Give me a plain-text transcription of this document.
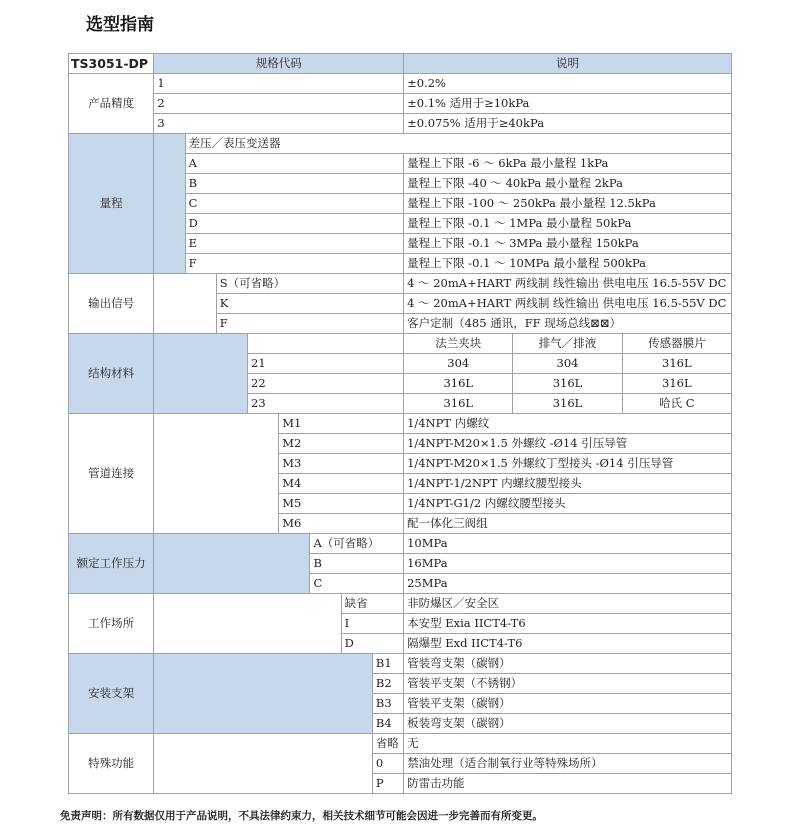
选型指南
TS3051-DP	规格代码								说明		
产品精度	1								±0.2%		
	2								±0.1% 适用于≥10kPa		
	3								±0.075% 适用于≥40kPa		
量程		差压／表压变送器									
		A							量程上下限 -6 ～ 6kPa 最小量程 1kPa		
		B							量程上下限 -40 ～ 40kPa 最小量程 2kPa		
		C							量程上下限 -100 ～ 250kPa 最小量程 12.5kPa		
		D							量程上下限 -0.1 ～ 1MPa 最小量程 50kPa		
		E							量程上下限 -0.1 ～ 3MPa 最小量程 150kPa		
		F							量程上下限 -0.1 ～ 10MPa 最小量程 500kPa		
输出信号			S（可省略）						4 ～ 20mA+HART 两线制 线性输出 供电电压 16.5-55V DC		
			K						4 ～ 20mA+HART 两线制 线性输出 供电电压 16.5-55V DC		
			F						客户定制（485 通讯，FF 现场总线⊠⊠）		
结构材料									法兰夹块	排气／排液	传感器膜片
				21					304	304	316L
				22					316L	316L	316L
				23					316L	316L	哈氏 C
管道连接					M1				1/4NPT 内螺纹		
					M2				1/4NPT-M20×1.5 外螺纹 -Ø14 引压导管		
					M3				1/4NPT-M20×1.5 外螺纹丁型接头 -Ø14 引压导管		
					M4				1/4NPT-1/2NPT 内螺纹腰型接头		
					M5				1/4NPT-G1/2 内螺纹腰型接头		
					M6				配一体化三阀组		
额定工作压力						A（可省略）			10MPa		
						B			16MPa		
						C			25MPa		
工作场所							缺省		非防爆区／安全区		
							I		本安型 Exia IICT4-T6		
							D		隔爆型 Exd IICT4-T6		
安装支架								B1	管装弯支架（碳钢）		
								B2	管装平支架（不锈钢）		
								B3	管装平支架（碳钢）		
								B4	板装弯支架（碳钢）		
特殊功能								省略	无		
								0	禁油处理（适合制氧行业等特殊场所）		
								P	防雷击功能		
免责声明：所有数据仅用于产品说明，不具法律约束力，相关技术细节可能会因进一步完善而有所变更。
